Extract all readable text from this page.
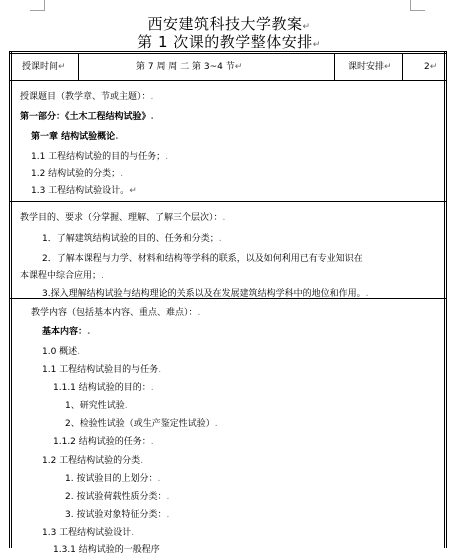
西安建筑科技大学教案↵
第 1 次课的教学整体安排↵
授课时间↵	第 7 周 周 二 第 3~4 节↵	课时安排↵	2↵
授课题目（教学章、节或主题）：.
第一部分：《土木工程结构试验》.
第一章 结构试验概论.
1.1 工程结构试验的目的与任务；.
1.2 结构试验的分类；.
1.3 工程结构试验设计。↵
教学目的、要求（分掌握、理解、了解三个层次）：.
1．了解建筑结构试验的目的、任务和分类；.
2．了解本课程与力学、材料和结构等学科的联系，以及如何利用已有专业知识在
本课程中综合应用；.
3.探入理解结构试验与结构理论的关系以及在发展建筑结构学科中的地位和作用。.
教学内容（包括基本内容、重点、难点）：.
基本内容：.
1.0 概述.
1.1 工程结构试验目的与任务.
1.1.1 结构试验的目的：.
1、研究性试验.
2、检验性试验（或生产鉴定性试验）.
1.1.2 结构试验的任务：.
1.2 工程结构试验的分类.
1. 按试验目的上划分：.
2. 按试验荷载性质分类：.
3. 按试验对象特征分类：.
1.3 工程结构试验设计.
1.3.1 结构试验的一般程序
